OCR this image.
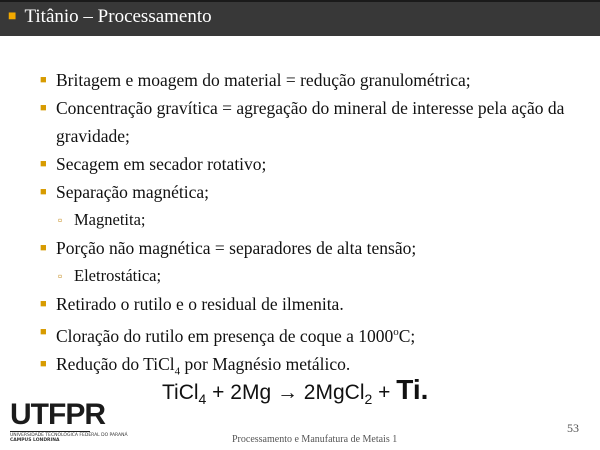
■ Titânio – Processamento
■ Britagem e moagem do material = redução granulométrica;
■ Concentração gravítica = agregação do mineral de interesse pela ação da gravidade;
■ Secagem em secador rotativo;
■ Separação magnética;
▫ Magnetita;
■ Porção não magnética = separadores de alta tensão;
▫ Eletrostática;
■ Retirado o rutilo e o residual de ilmenita.
■ Cloração do rutilo em presença de coque a 1000$^o$C;
■ Redução do TiCl$_4$ por Magnésio metálico.
TiCl$_4$ + 2Mg → 2MgCl$_2$ + Ti.
UTFPR
UNIVERSIDADE TECNOLÓGICA FEDERAL DO PARANÁ
CAMPUS LONDRINA	Processamento e Manufatura de Metais 1
53
